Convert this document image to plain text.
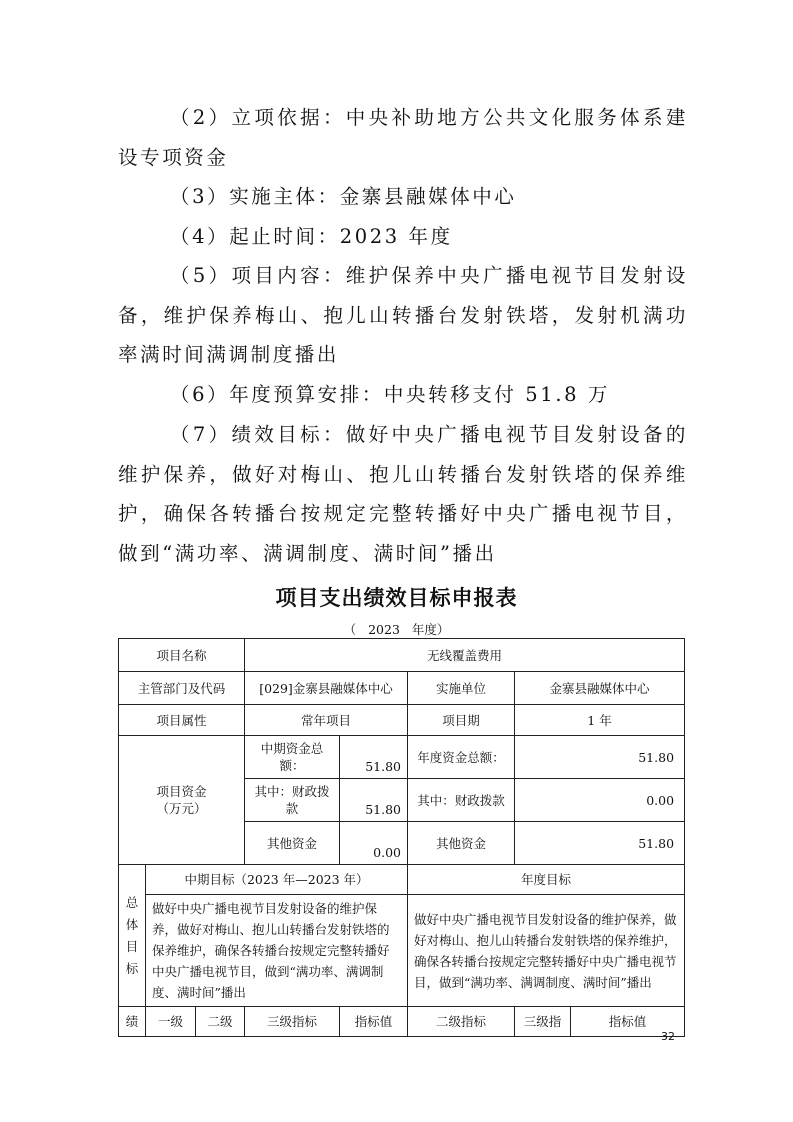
（2）立项依据：中央补助地方公共文化服务体系建设专项资金

（3）实施主体：金寨县融媒体中心

（4）起止时间：2023 年度

（5）项目内容：维护保养中央广播电视节目发射设备，维护保养梅山、抱儿山转播台发射铁塔，发射机满功率满时间满调制度播出

（6）年度预算安排：中央转移支付 51.8 万

（7）绩效目标：做好中央广播电视节目发射设备的维护保养，做好对梅山、抱儿山转播台发射铁塔的保养维护，确保各转播台按规定完整转播好中央广播电视节目，做到“满功率、满调制度、满时间”播出

项目支出绩效目标申报表

（   2023   年度）

项目名称			无线覆盖费用				
主管部门及代码			[029]金寨县融媒体中心		实施单位	金寨县融媒体中心	
项目属性			常年项目		项目期	1 年	

项目资金
（万元）			中期资金总额：	51.80	年度资金总额：	51.80	
			其中：财政拨款	51.80	其中：财政拨款	0.00	
			其他资金	0.00	其他资金	51.80	
总体目标	中期目标（2023 年—2023 年）				年度目标		
	做好中央广播电视节目发射设备的维护保养，做好对梅山、抱儿山转播台发射铁塔的保养维护，确保各转播台按规定完整转播好中央广播电视节目，做到“满功率、满调制度、满时间”播出				做好中央广播电视节目发射设备的维护保养，做好对梅山、抱儿山转播台发射铁塔的保养维护，确保各转播台按规定完整转播好中央广播电视节目，做到“满功率、满调制度、满时间”播出		
绩	一级	二级	三级指标	指标值	二级指标	三级指	指标值

32
